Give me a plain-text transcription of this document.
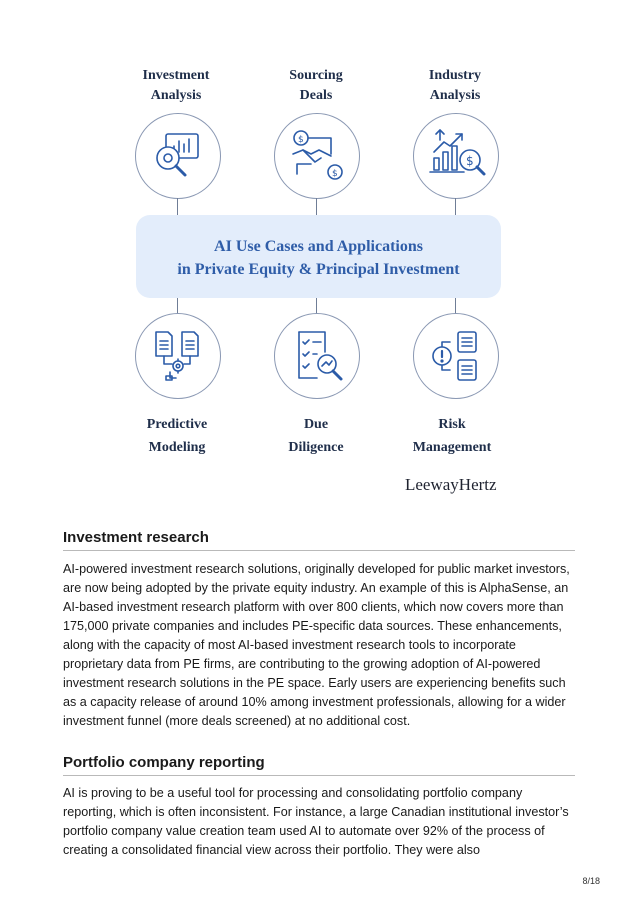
Investment
Analysis
Sourcing
Deals
Industry
Analysis
$
$
$
AI Use Cases and Applications
in Private Equity & Principal Investment
Predictive
Modeling
Due
Diligence
Risk
Management
LeewayHertz
Investment research
AI-powered investment research solutions, originally developed for public market investors, are now being adopted by the private equity industry. An example of this is AlphaSense, an AI-based investment research platform with over 800 clients, which now covers more than 175,000 private companies and includes PE-specific data sources. These enhancements, along with the capacity of most AI-based investment research tools to incorporate proprietary data from PE firms, are contributing to the growing adoption of AI-powered investment research solutions in the PE space. Early users are experiencing benefits such as a capacity release of around 10% among investment professionals, allowing for a wider investment funnel (more deals screened) at no additional cost.
Portfolio company reporting
AI is proving to be a useful tool for processing and consolidating portfolio company reporting, which is often inconsistent. For instance, a large Canadian institutional investor’s portfolio company value creation team used AI to automate over 92% of the process of creating a consolidated financial view across their portfolio. They were also
8/18
